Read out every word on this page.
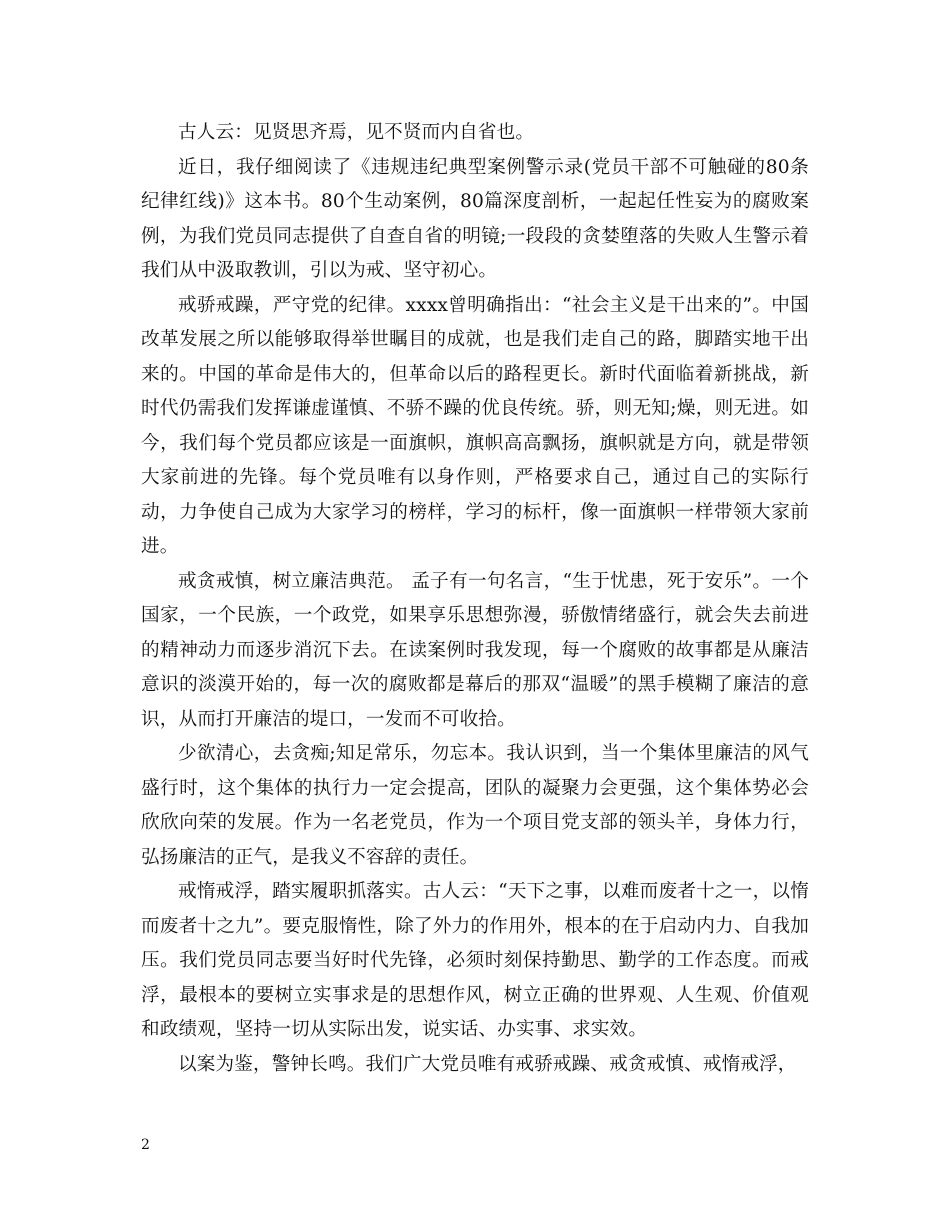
古人云：见贤思齐焉，见不贤而内自省也。

近日，我仔细阅读了《违规违纪典型案例警示录(党员干部不可触碰的80条纪律红线)》这本书。80个生动案例，80篇深度剖析，一起起任性妄为的腐败案例，为我们党员同志提供了自查自省的明镜;一段段的贪婪堕落的失败人生警示着我们从中汲取教训，引以为戒、坚守初心。

戒骄戒躁，严守党的纪律。xxxx曾明确指出：“社会主义是干出来的”。中国改革发展之所以能够取得举世瞩目的成就，也是我们走自己的路，脚踏实地干出来的。中国的革命是伟大的，但革命以后的路程更长。新时代面临着新挑战，新时代仍需我们发挥谦虚谨慎、不骄不躁的优良传统。骄，则无知;燥，则无进。如今，我们每个党员都应该是一面旗帜，旗帜高高飘扬，旗帜就是方向，就是带领大家前进的先锋。每个党员唯有以身作则，严格要求自己，通过自己的实际行动，力争使自己成为大家学习的榜样，学习的标杆，像一面旗帜一样带领大家前进。

戒贪戒慎，树立廉洁典范。 孟子有一句名言，“生于忧患，死于安乐”。一个国家，一个民族，一个政党，如果享乐思想弥漫，骄傲情绪盛行，就会失去前进的精神动力而逐步消沉下去。在读案例时我发现，每一个腐败的故事都是从廉洁意识的淡漠开始的，每一次的腐败都是幕后的那双“温暖”的黑手模糊了廉洁的意识，从而打开廉洁的堤口，一发而不可收拾。

少欲清心，去贪痴;知足常乐，勿忘本。我认识到，当一个集体里廉洁的风气盛行时，这个集体的执行力一定会提高，团队的凝聚力会更强，这个集体势必会欣欣向荣的发展。作为一名老党员，作为一个项目党支部的领头羊，身体力行，弘扬廉洁的正气，是我义不容辞的责任。

戒惰戒浮，踏实履职抓落实。古人云：“天下之事，以难而废者十之一，以惰而废者十之九”。要克服惰性，除了外力的作用外，根本的在于启动内力、自我加压。我们党员同志要当好时代先锋，必须时刻保持勤思、勤学的工作态度。而戒浮，最根本的要树立实事求是的思想作风，树立正确的世界观、人生观、价值观和政绩观，坚持一切从实际出发，说实话、办实事、求实效。

以案为鉴，警钟长鸣。我们广大党员唯有戒骄戒躁、戒贪戒慎、戒惰戒浮，

2
